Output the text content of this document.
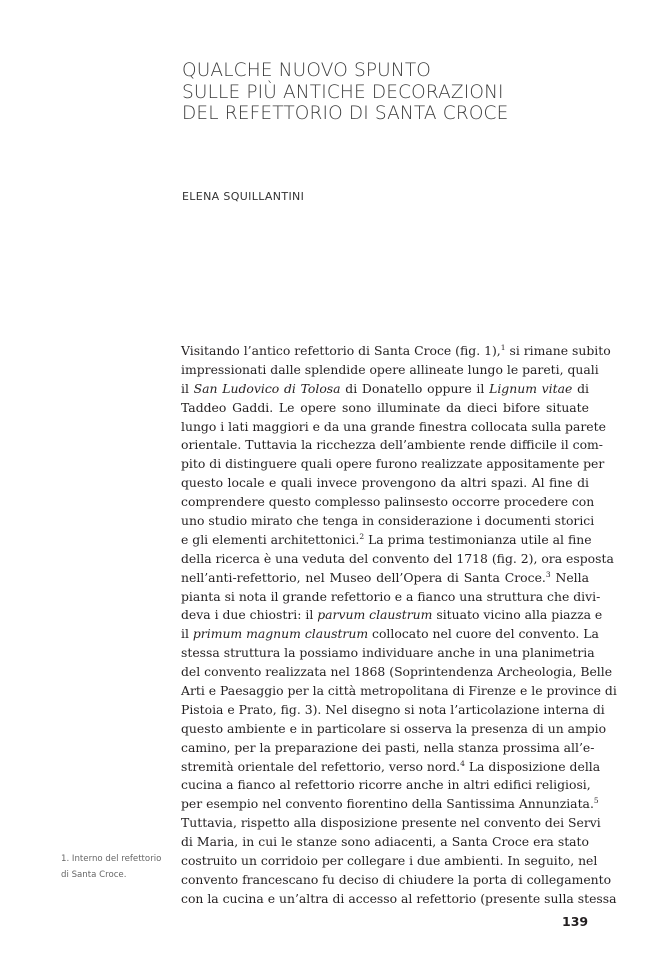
QUALCHE NUOVO SPUNTO
SULLE PIÙ ANTICHE DECORAZIONI
DEL REFETTORIO DI SANTA CROCE
ELENA SQUILLANTINI
Visitando l’antico refettorio di Santa Croce (fig. 1),$^1$ si rimane subito
impressionati dalle splendide opere allineate lungo le pareti, quali
il San Ludovico di Tolosa di Donatello oppure il Lignum vitae di
Taddeo Gaddi. Le opere sono illuminate da dieci bifore situate
lungo i lati maggiori e da una grande finestra collocata sulla parete
orientale. Tuttavia la ricchezza dell’ambiente rende difficile il com-
pito di distinguere quali opere furono realizzate appositamente per
questo locale e quali invece provengono da altri spazi. Al fine di
comprendere questo complesso palinsesto occorre procedere con
uno studio mirato che tenga in considerazione i documenti storici
e gli elementi architettonici.$^2$ La prima testimonianza utile al fine
della ricerca è una veduta del convento del 1718 (fig. 2), ora esposta
nell’anti-refettorio, nel Museo dell’Opera di Santa Croce.$^3$ Nella
pianta si nota il grande refettorio e a fianco una struttura che divi-
deva i due chiostri: il parvum claustrum situato vicino alla piazza e
il primum magnum claustrum collocato nel cuore del convento. La
stessa struttura la possiamo individuare anche in una planimetria
del convento realizzata nel 1868 (Soprintendenza Archeologia, Belle
Arti e Paesaggio per la città metropolitana di Firenze e le province di
Pistoia e Prato, fig. 3). Nel disegno si nota l’articolazione interna di
questo ambiente e in particolare si osserva la presenza di un ampio
camino, per la preparazione dei pasti, nella stanza prossima all’e-
stremità orientale del refettorio, verso nord.$^4$ La disposizione della
cucina a fianco al refettorio ricorre anche in altri edifici religiosi,
per esempio nel convento fiorentino della Santissima Annunziata.$^5$
Tuttavia, rispetto alla disposizione presente nel convento dei Servi
di Maria, in cui le stanze sono adiacenti, a Santa Croce era stato
costruito un corridoio per collegare i due ambienti. In seguito, nel
convento francescano fu deciso di chiudere la porta di collegamento
con la cucina e un’altra di accesso al refettorio (presente sulla stessa
1. Interno del refettorio
di Santa Croce.
139
